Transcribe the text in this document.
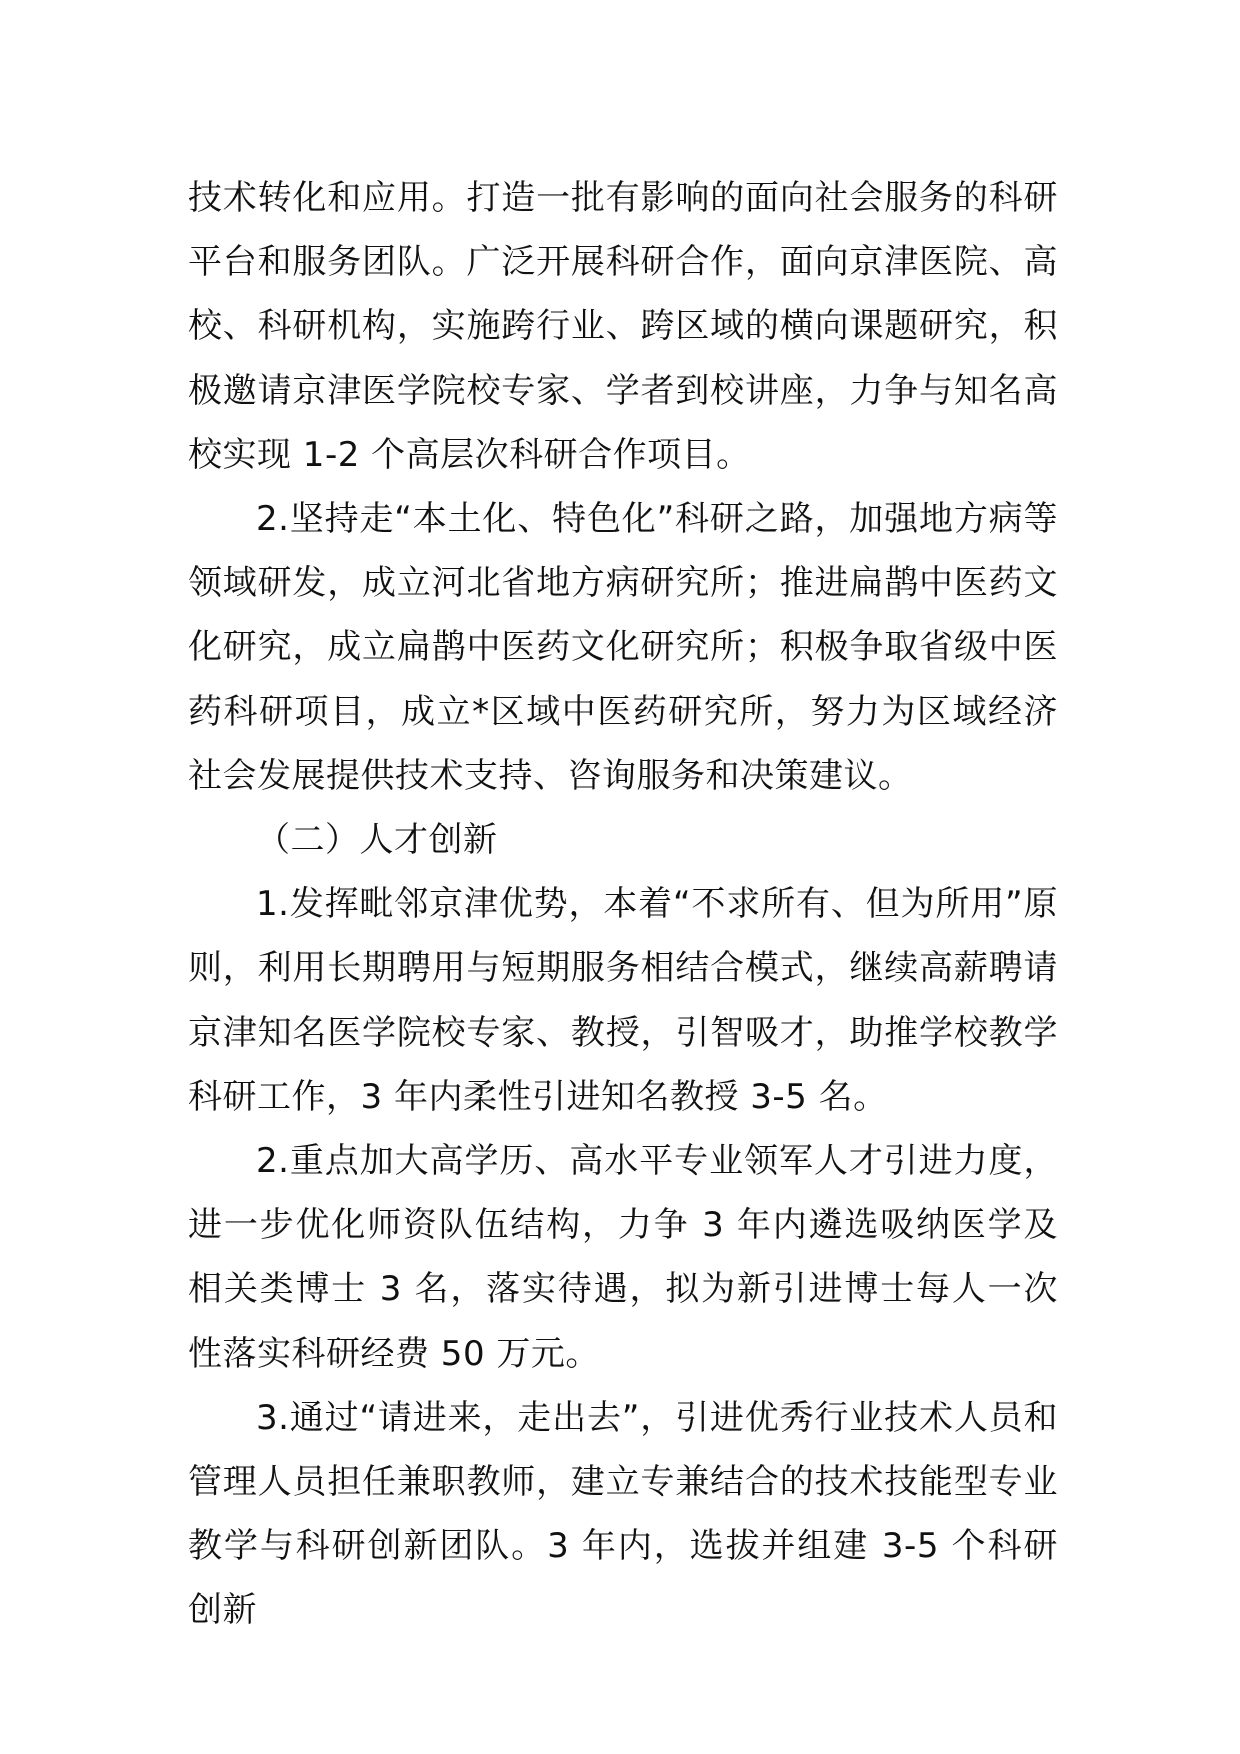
技术转化和应用。打造一批有影响的面向社会服务的科研平台和服务团队。广泛开展科研合作，面向京津医院、高校、科研机构，实施跨行业、跨区域的横向课题研究，积极邀请京津医学院校专家、学者到校讲座，力争与知名高校实现 1-2 个高层次科研合作项目。

2.坚持走“本土化、特色化”科研之路，加强地方病等领域研发，成立河北省地方病研究所；推进扁鹊中医药文化研究，成立扁鹊中医药文化研究所；积极争取省级中医药科研项目，成立*区域中医药研究所，努力为区域经济社会发展提供技术支持、咨询服务和决策建议。

（二）人才创新

1.发挥毗邻京津优势，本着“不求所有、但为所用”原则，利用长期聘用与短期服务相结合模式，继续高薪聘请京津知名医学院校专家、教授，引智吸才，助推学校教学科研工作，3 年内柔性引进知名教授 3-5 名。

2.重点加大高学历、高水平专业领军人才引进力度，进一步优化师资队伍结构，力争 3 年内遴选吸纳医学及相关类博士 3 名，落实待遇，拟为新引进博士每人一次性落实科研经费 50 万元。

3.通过“请进来，走出去”，引进优秀行业技术人员和管理人员担任兼职教师，建立专兼结合的技术技能型专业教学与科研创新团队。3 年内，选拔并组建 3-5 个科研创新
